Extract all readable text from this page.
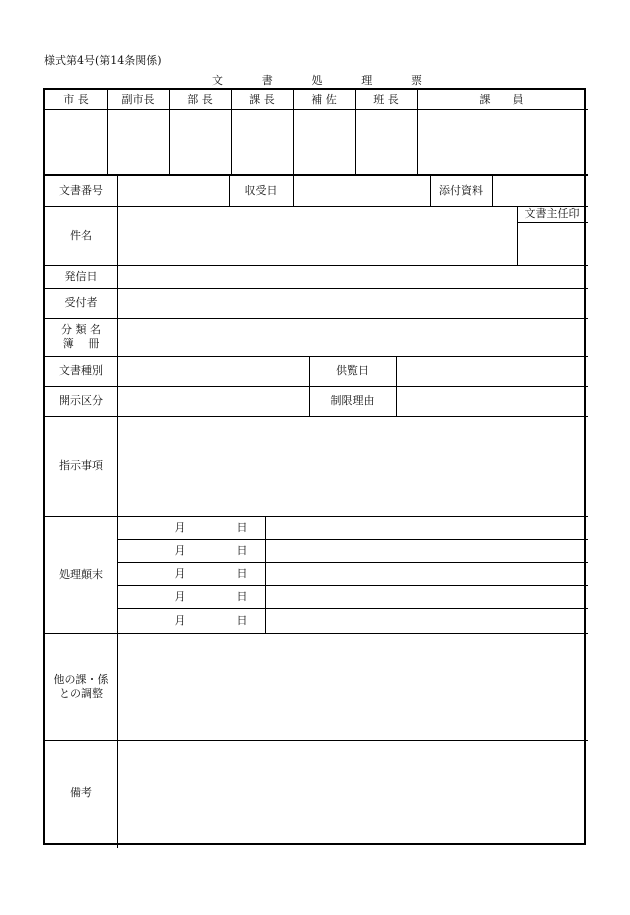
様式第4号(第14条関係)
文	書	処	理	票
市 長	副市長	部 長	課 長	補 佐	班 長	課　　員
文書番号	収受日	添付資料
件名
文書主任印
発信日
受付者
分 類 名
簿　 冊
文書種別	供覧日
開示区分	制限理由
指示事項
処理顛末
月	日
月	日
月	日
月	日
月	日
他の課・係
との調整
備考
